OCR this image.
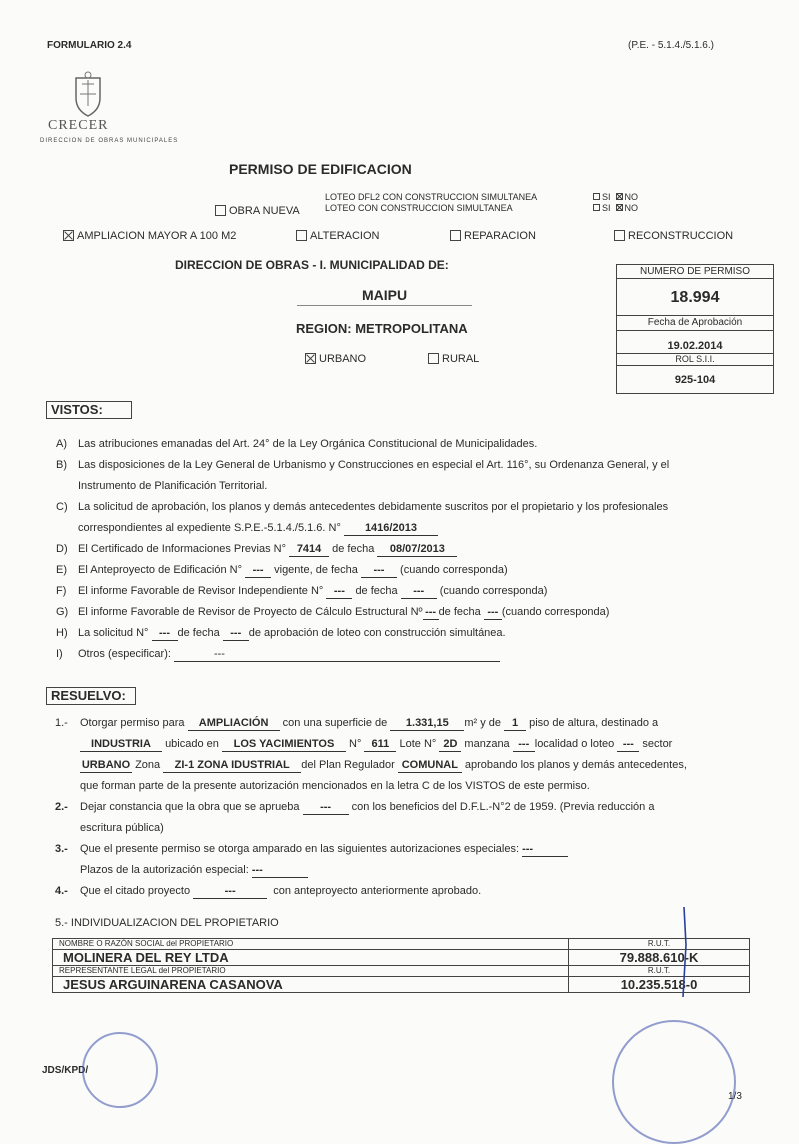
FORMULARIO 2.4	(P.E. - 5.1.4./5.1.6.)
CRECER
DIRECCION DE OBRAS MUNICIPALES
PERMISO DE EDIFICACION
LOTEO DFL2 CON CONSTRUCCION SIMULTANEA
LOTEO CON CONSTRUCCION SIMULTANEA
SI NO
SI NO
OBRA NUEVA
AMPLIACION MAYOR A 100 M2	ALTERACION	REPARACION	RECONSTRUCCION
DIRECCION DE OBRAS - I. MUNICIPALIDAD DE:
MAIPU
REGION: METROPOLITANA
URBANO	RURAL
NUMERO DE PERMISO
18.994
Fecha de Aprobación
19.02.2014
ROL S.I.I.
925-104
VISTOS:
A) Las atribuciones emanadas del Art. 24° de la Ley Orgánica Constitucional de Municipalidades.
B) Las disposiciones de la Ley General de Urbanismo y Construcciones en especial el Art. 116°, su Ordenanza General, y el
Instrumento de Planificación Territorial.
C) La solicitud de aprobación, los planos y demás antecedentes debidamente suscritos por el propietario y los profesionales
correspondientes al expediente S.P.E.-5.1.4./5.1.6. N° 1416/2013
D) El Certificado de Informaciones Previas N° 7414 de fecha 08/07/2013
E) El Anteproyecto de Edificación N° --- vigente, de fecha --- (cuando corresponda)
F) El informe Favorable de Revisor Independiente N° --- de fecha --- (cuando corresponda)
G) El informe Favorable de Revisor de Proyecto de Cálculo Estructural Nº --- de fecha --- (cuando corresponda)
H) La solicitud N° --- de fecha --- de aprobación de loteo con construcción simultánea.
I) Otros (especificar):	---
RESUELVO:
1.- Otorgar permiso para AMPLIACIÓN con una superficie de 1.331,15 m² y de 1 piso de altura, destinado a
INDUSTRIA ubicado en LOS YACIMIENTOS N° 611 Lote N° 2D manzana --- localidad o loteo --- sector
URBANO Zona ZI-1 ZONA IDUSTRIAL del Plan Regulador COMUNAL aprobando los planos y demás antecedentes,
que forman parte de la presente autorización mencionados en la letra C de los VISTOS de este permiso.
2.- Dejar constancia que la obra que se aprueba --- con los beneficios del D.F.L.-N°2 de 1959. (Previa reducción a
escritura pública)
3.- Que el presente permiso se otorga amparado en las siguientes autorizaciones especiales: ---
Plazos de la autorización especial: ---
4.- Que el citado proyecto	---	con anteproyecto anteriormente aprobado.
5.- INDIVIDUALIZACION DEL PROPIETARIO
NOMBRE O RAZÓN SOCIAL del PROPIETARIO	R.U.T.
MOLINERA DEL REY LTDA	79.888.610-K
REPRESENTANTE LEGAL del PROPIETARIO	R.U.T.
JESUS ARGUINARENA CASANOVA	10.235.518-0
JDS/KPD/
1/3
